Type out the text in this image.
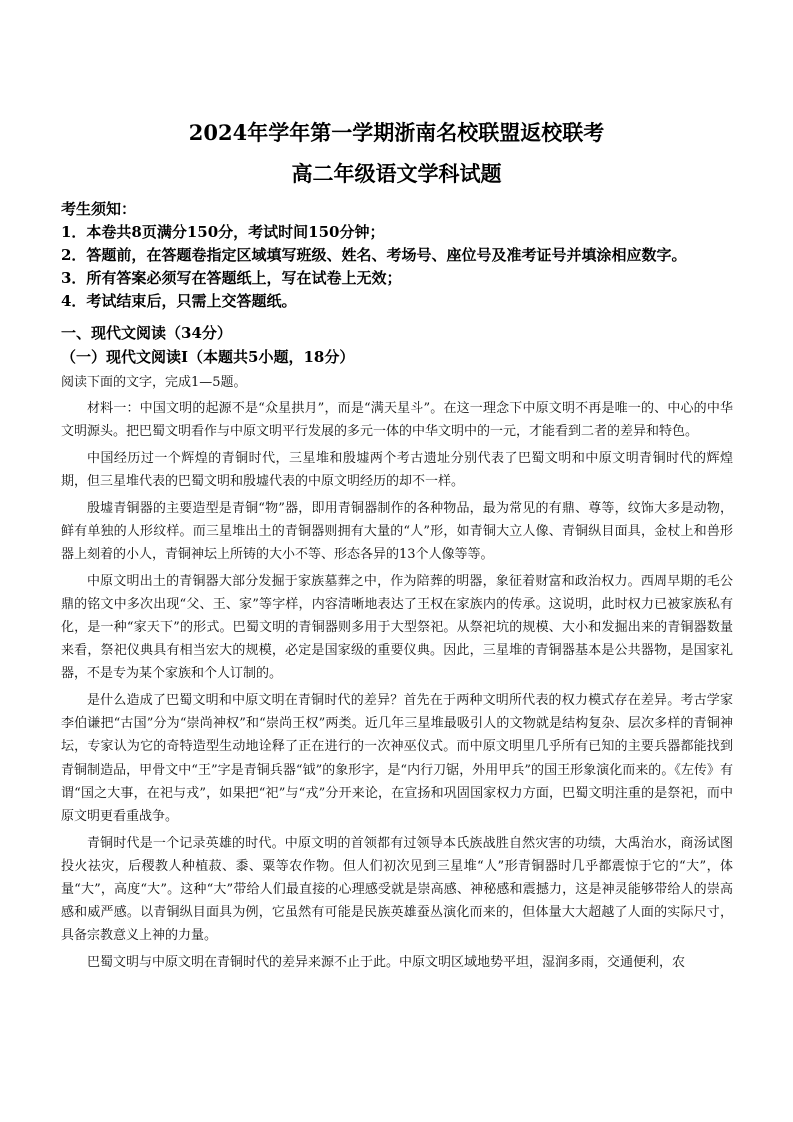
2024年学年第一学期浙南名校联盟返校联考
高二年级语文学科试题
考生须知：
1．本卷共8页满分150分，考试时间150分钟；
2．答题前，在答题卷指定区域填写班级、姓名、考场号、座位号及准考证号并填涂相应数字。
3．所有答案必须写在答题纸上，写在试卷上无效；
4．考试结束后，只需上交答题纸。
一、现代文阅读（34分）
（一）现代文阅读Ⅰ（本题共5小题，18分）
阅读下面的文字，完成1—5题。

材料一：中国文明的起源不是“众星拱月”，而是“满天星斗”。在这一理念下中原文明不再是唯一的、中心的中华文明源头。把巴蜀文明看作与中原文明平行发展的多元一体的中华文明中的一元，才能看到二者的差异和特色。

中国经历过一个辉煌的青铜时代，三星堆和殷墟两个考古遗址分别代表了巴蜀文明和中原文明青铜时代的辉煌期，但三星堆代表的巴蜀文明和殷墟代表的中原文明经历的却不一样。

殷墟青铜器的主要造型是青铜“物”器，即用青铜器制作的各种物品，最为常见的有鼎、尊等，纹饰大多是动物，鲜有单独的人形纹样。而三星堆出土的青铜器则拥有大量的“人”形，如青铜大立人像、青铜纵目面具，金杖上和兽形器上刻着的小人，青铜神坛上所铸的大小不等、形态各异的13个人像等等。

中原文明出土的青铜器大部分发掘于家族墓葬之中，作为陪葬的明器，象征着财富和政治权力。西周早期的毛公鼎的铭文中多次出现“父、王、家”等字样，内容清晰地表达了王权在家族内的传承。这说明，此时权力已被家族私有化，是一种“家天下”的形式。巴蜀文明的青铜器则多用于大型祭祀。从祭祀坑的规模、大小和发掘出来的青铜器数量来看，祭祀仪典具有相当宏大的规模，必定是国家级的重要仪典。因此，三星堆的青铜器基本是公共器物，是国家礼器，不是专为某个家族和个人订制的。

是什么造成了巴蜀文明和中原文明在青铜时代的差异？首先在于两种文明所代表的权力模式存在差异。考古学家李伯谦把“古国”分为“崇尚神权”和“崇尚王权”两类。近几年三星堆最吸引人的文物就是结构复杂、层次多样的青铜神坛，专家认为它的奇特造型生动地诠释了正在进行的一次神巫仪式。而中原文明里几乎所有已知的主要兵器都能找到青铜制造品，甲骨文中“王”字是青铜兵器“钺”的象形字，是“内行刀锯，外用甲兵”的国王形象演化而来的。《左传》有谓“国之大事，在祀与戎”，如果把“祀”与“戎”分开来论，在宣扬和巩固国家权力方面，巴蜀文明注重的是祭祀，而中原文明更看重战争。

青铜时代是一个记录英雄的时代。中原文明的首领都有过领导本氏族战胜自然灾害的功绩，大禹治水，商汤试图投火祛灾，后稷教人种植菽、黍、粟等农作物。但人们初次见到三星堆“人”形青铜器时几乎都震惊于它的“大”，体量“大”，高度“大”。这种“大”带给人们最直接的心理感受就是崇高感、神秘感和震撼力，这是神灵能够带给人的崇高感和威严感。以青铜纵目面具为例，它虽然有可能是民族英雄蚕丛演化而来的，但体量大大超越了人面的实际尺寸，具备宗教意义上神的力量。

巴蜀文明与中原文明在青铜时代的差异来源不止于此。中原文明区域地势平坦，湿润多雨，交通便利，农
